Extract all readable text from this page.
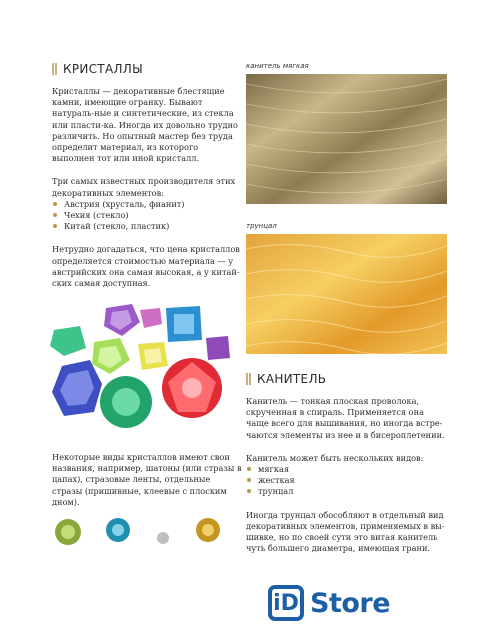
КРИСТАЛЛЫ

Кристаллы — декоративные блестящие камни, имеющие огранку. Бывают натураль-ные и синтетические, из стекла или пласти-ка. Иногда их довольно трудно различить. Но опытный мастер без труда определит материал, из которого выполнен тот или иной кристалл.

Три самых известных производителя этих декоративных элементов:

Австрия (хрусталь, фианит)
Чехия (стекло)
Китай (стекло, пластик)

Нетрудно догадаться, что цена кристаллов определяется стоимостью материала — у австрийских она самая высокая, а у китай-ских самая доступная.

Некоторые виды кристаллов имеют свои названия, например, шатоны (или стразы в цапах), стразовые ленты, отдельные стразы (пришивные, клеевые с плоским дном).

канитель мягкая
трунцал
КАНИТЕЛЬ

Канитель — тонкая плоская проволока, скрученная в спираль. Применяется она чаще всего для вышивания, но иногда встре-чаются элементы из нее и в бисероплетении.

Канитель может быть нескольких видов:

мягкая
жесткая
трунцал

Иногда трунцал обособляют в отдельный вид декоративных элементов, применяемых в вы-шивке, но по своей сути это витая канитель чуть большего диаметра, имеющая грани.

iD Store
